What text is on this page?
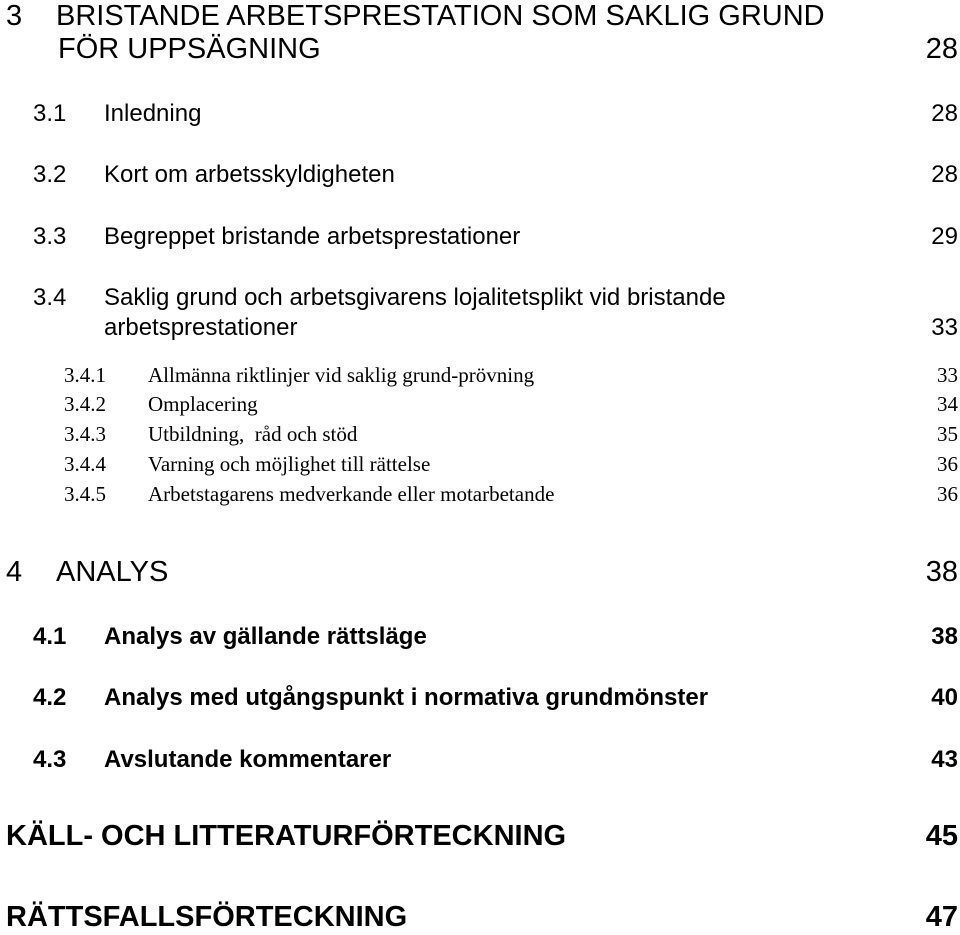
3 BRISTANDE ARBETSPRESTATION SOM SAKLIG GRUND
FÖR UPPSÄGNING	28
3.1 Inledning	28
3.2 Kort om arbetsskyldigheten	28
3.3 Begreppet bristande arbetsprestationer	29
3.4 Saklig grund och arbetsgivarens lojalitetsplikt vid bristande
arbetsprestationer	33
3.4.1 Allmänna riktlinjer vid saklig grund-prövning	33
3.4.2 Omplacering	34
3.4.3 Utbildning,  råd och stöd	35
3.4.4 Varning och möjlighet till rättelse	36
3.4.5 Arbetstagarens medverkande eller motarbetande	36
4 ANALYS	38
4.1 Analys av gällande rättsläge	38
4.2 Analys med utgångspunkt i normativa grundmönster	40
4.3 Avslutande kommentarer	43
KÄLL- OCH LITTERATURFÖRTECKNING	45
RÄTTSFALLSFÖRTECKNING	47
